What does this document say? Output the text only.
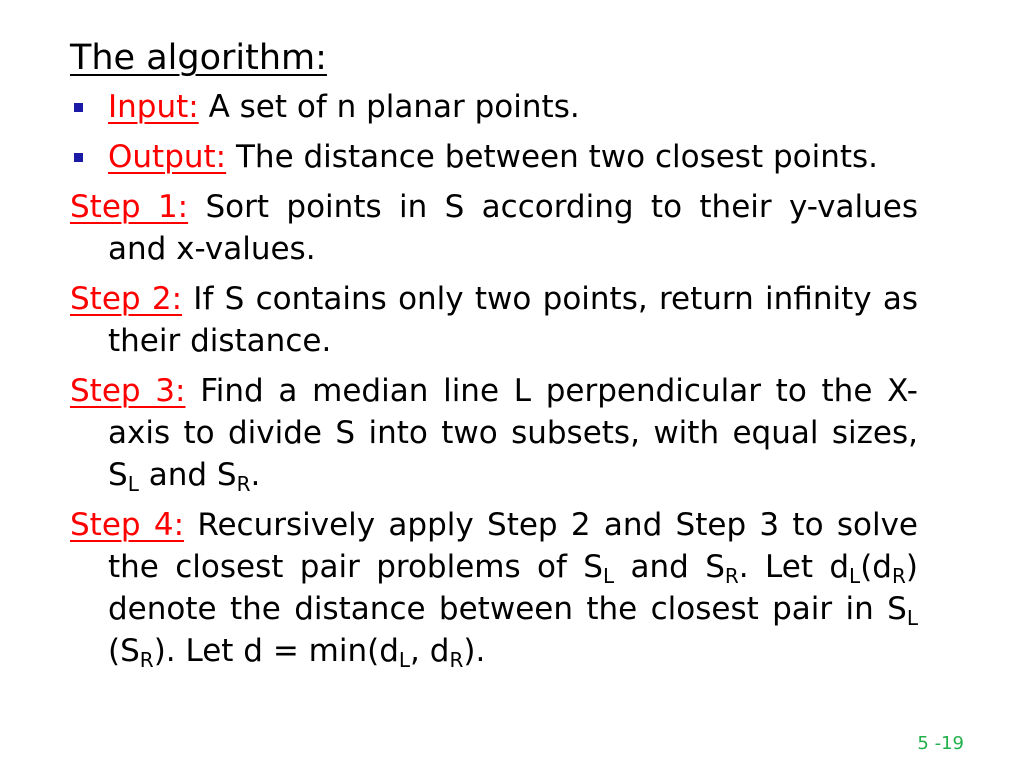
The algorithm:
Input: A set of n planar points.
Output: The distance between two closest points.
Step 1: Sort points in S according to their y-values and x-values.
Step 2: If S contains only two points, return infinity as their distance.
Step 3: Find a median line L perpendicular to the X-axis to divide S into two subsets, with equal sizes, $S_L$ and $S_R$.
Step 4: Recursively apply Step 2 and Step 3 to solve the closest pair problems of $S_L$ and $S_R$. Let $d_L(d_R)$ denote the distance between the closest pair in $S_L$ $(S_R)$. Let $d = \min(d_L$, $d_R$).
5 -19
